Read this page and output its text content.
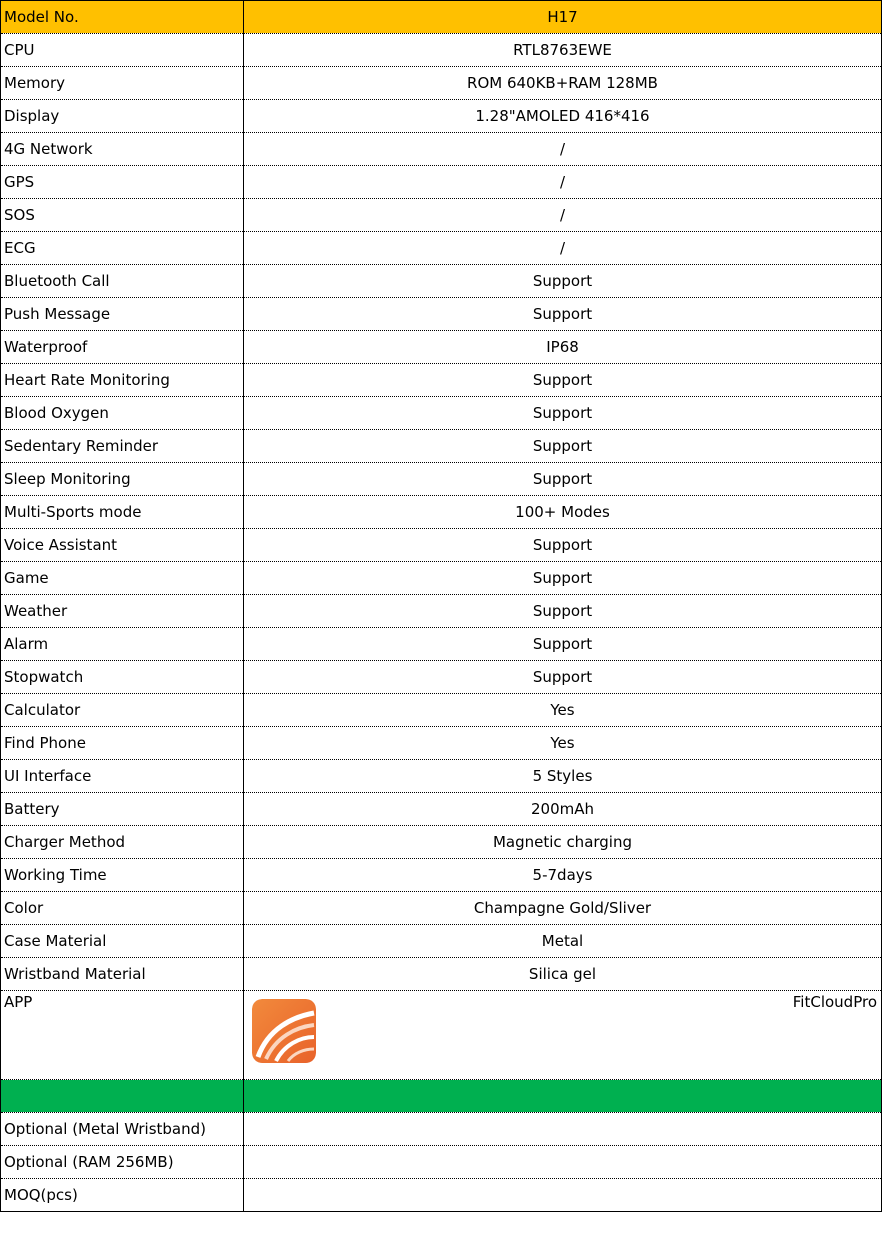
Model No.	H17
CPU	RTL8763EWE
Memory	ROM 640KB+RAM 128MB
Display	1.28"AMOLED 416*416
4G Network	/
GPS	/
SOS	/
ECG	/
Bluetooth Call	Support
Push Message	Support
Waterproof	IP68
Heart Rate Monitoring	Support
Blood Oxygen	Support
Sedentary Reminder	Support
Sleep Monitoring	Support
Multi-Sports mode	100+ Modes
Voice Assistant	Support
Game	Support
Weather	Support
Alarm	Support
Stopwatch	Support
Calculator	Yes
Find Phone	Yes
UI Interface	5 Styles
Battery	200mAh
Charger Method	Magnetic charging
Working Time	5-7days
Color	Champagne Gold/Sliver
Case Material	Metal
Wristband Material	Silica gel
APP	FitCloudPro

Optional (Metal Wristband)	
Optional (RAM 256MB)	
MOQ(pcs)	
